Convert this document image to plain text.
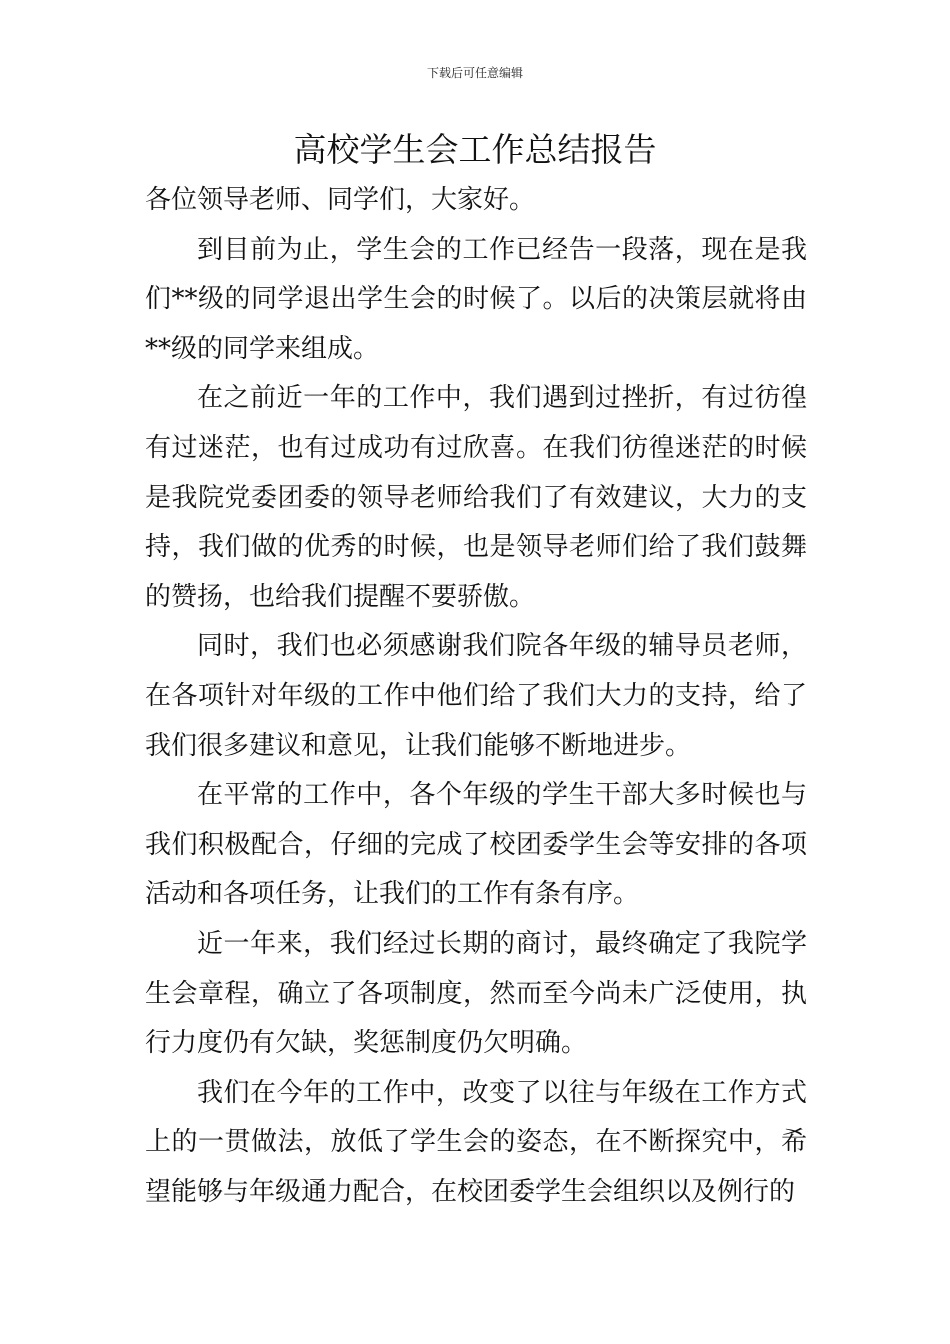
下载后可任意编辑
高校学生会工作总结报告

各位领导老师、同学们，大家好。

到目前为止，学生会的工作已经告一段落，现在是我们**级的同学退出学生会的时候了。以后的决策层就将由**级的同学来组成。

在之前近一年的工作中，我们遇到过挫折，有过彷徨有过迷茫，也有过成功有过欣喜。在我们彷徨迷茫的时候是我院党委团委的领导老师给我们了有效建议，大力的支持，我们做的优秀的时候，也是领导老师们给了我们鼓舞的赞扬，也给我们提醒不要骄傲。

同时，我们也必须感谢我们院各年级的辅导员老师，在各项针对年级的工作中他们给了我们大力的支持，给了我们很多建议和意见，让我们能够不断地进步。

在平常的工作中，各个年级的学生干部大多时候也与我们积极配合，仔细的完成了校团委学生会等安排的各项活动和各项任务，让我们的工作有条有序。

近一年来，我们经过长期的商讨，最终确定了我院学生会章程，确立了各项制度，然而至今尚未广泛使用，执行力度仍有欠缺，奖惩制度仍欠明确。

我们在今年的工作中，改变了以往与年级在工作方式上的一贯做法，放低了学生会的姿态，在不断探究中，希望能够与年级通力配合，在校团委学生会组织以及例行的
